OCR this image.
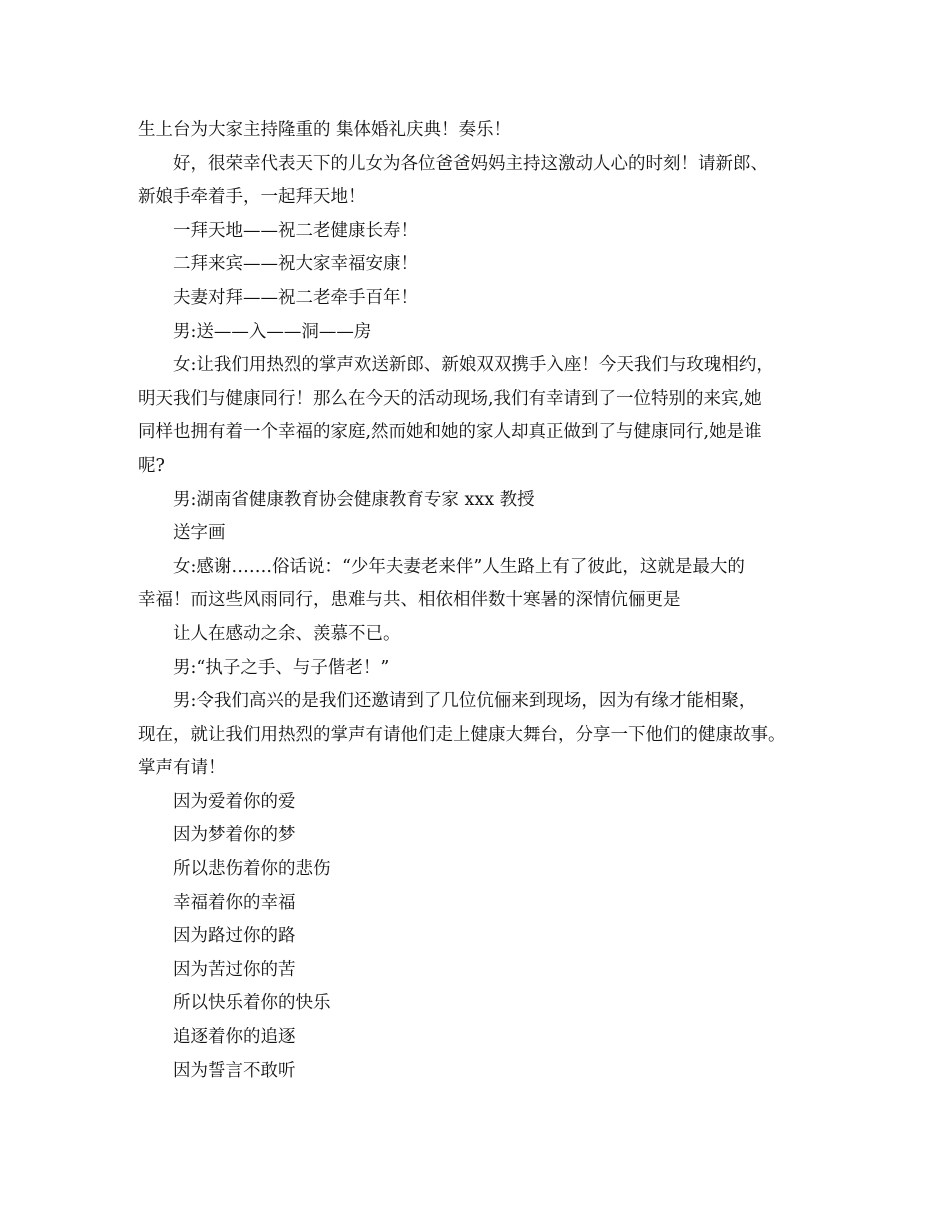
生上台为大家主持隆重的 集体婚礼庆典！奏乐！
好，很荣幸代表天下的儿女为各位爸爸妈妈主持这激动人心的时刻！请新郎、
新娘手牵着手，一起拜天地！
一拜天地——祝二老健康长寿！
二拜来宾——祝大家幸福安康！
夫妻对拜——祝二老牵手百年！
男:送——入——洞——房
女:让我们用热烈的掌声欢送新郎、新娘双双携手入座！今天我们与玫瑰相约，
明天我们与健康同行！那么在今天的活动现场,我们有幸请到了一位特别的来宾,她
同样也拥有着一个幸福的家庭,然而她和她的家人却真正做到了与健康同行,她是谁
呢?
男:湖南省健康教育协会健康教育专家 xxx 教授
送字画
女:感谢…….俗话说：“少年夫妻老来伴”人生路上有了彼此，这就是最大的
幸福！而这些风雨同行，患难与共、相依相伴数十寒暑的深情伉俪更是
让人在感动之余、羡慕不已。
男:“执子之手、与子偕老！”
男:令我们高兴的是我们还邀请到了几位伉俪来到现场，因为有缘才能相聚，
现在，就让我们用热烈的掌声有请他们走上健康大舞台，分享一下他们的健康故事。
掌声有请！
因为爱着你的爱
因为梦着你的梦
所以悲伤着你的悲伤
幸福着你的幸福
因为路过你的路
因为苦过你的苦
所以快乐着你的快乐
追逐着你的追逐
因为誓言不敢听
